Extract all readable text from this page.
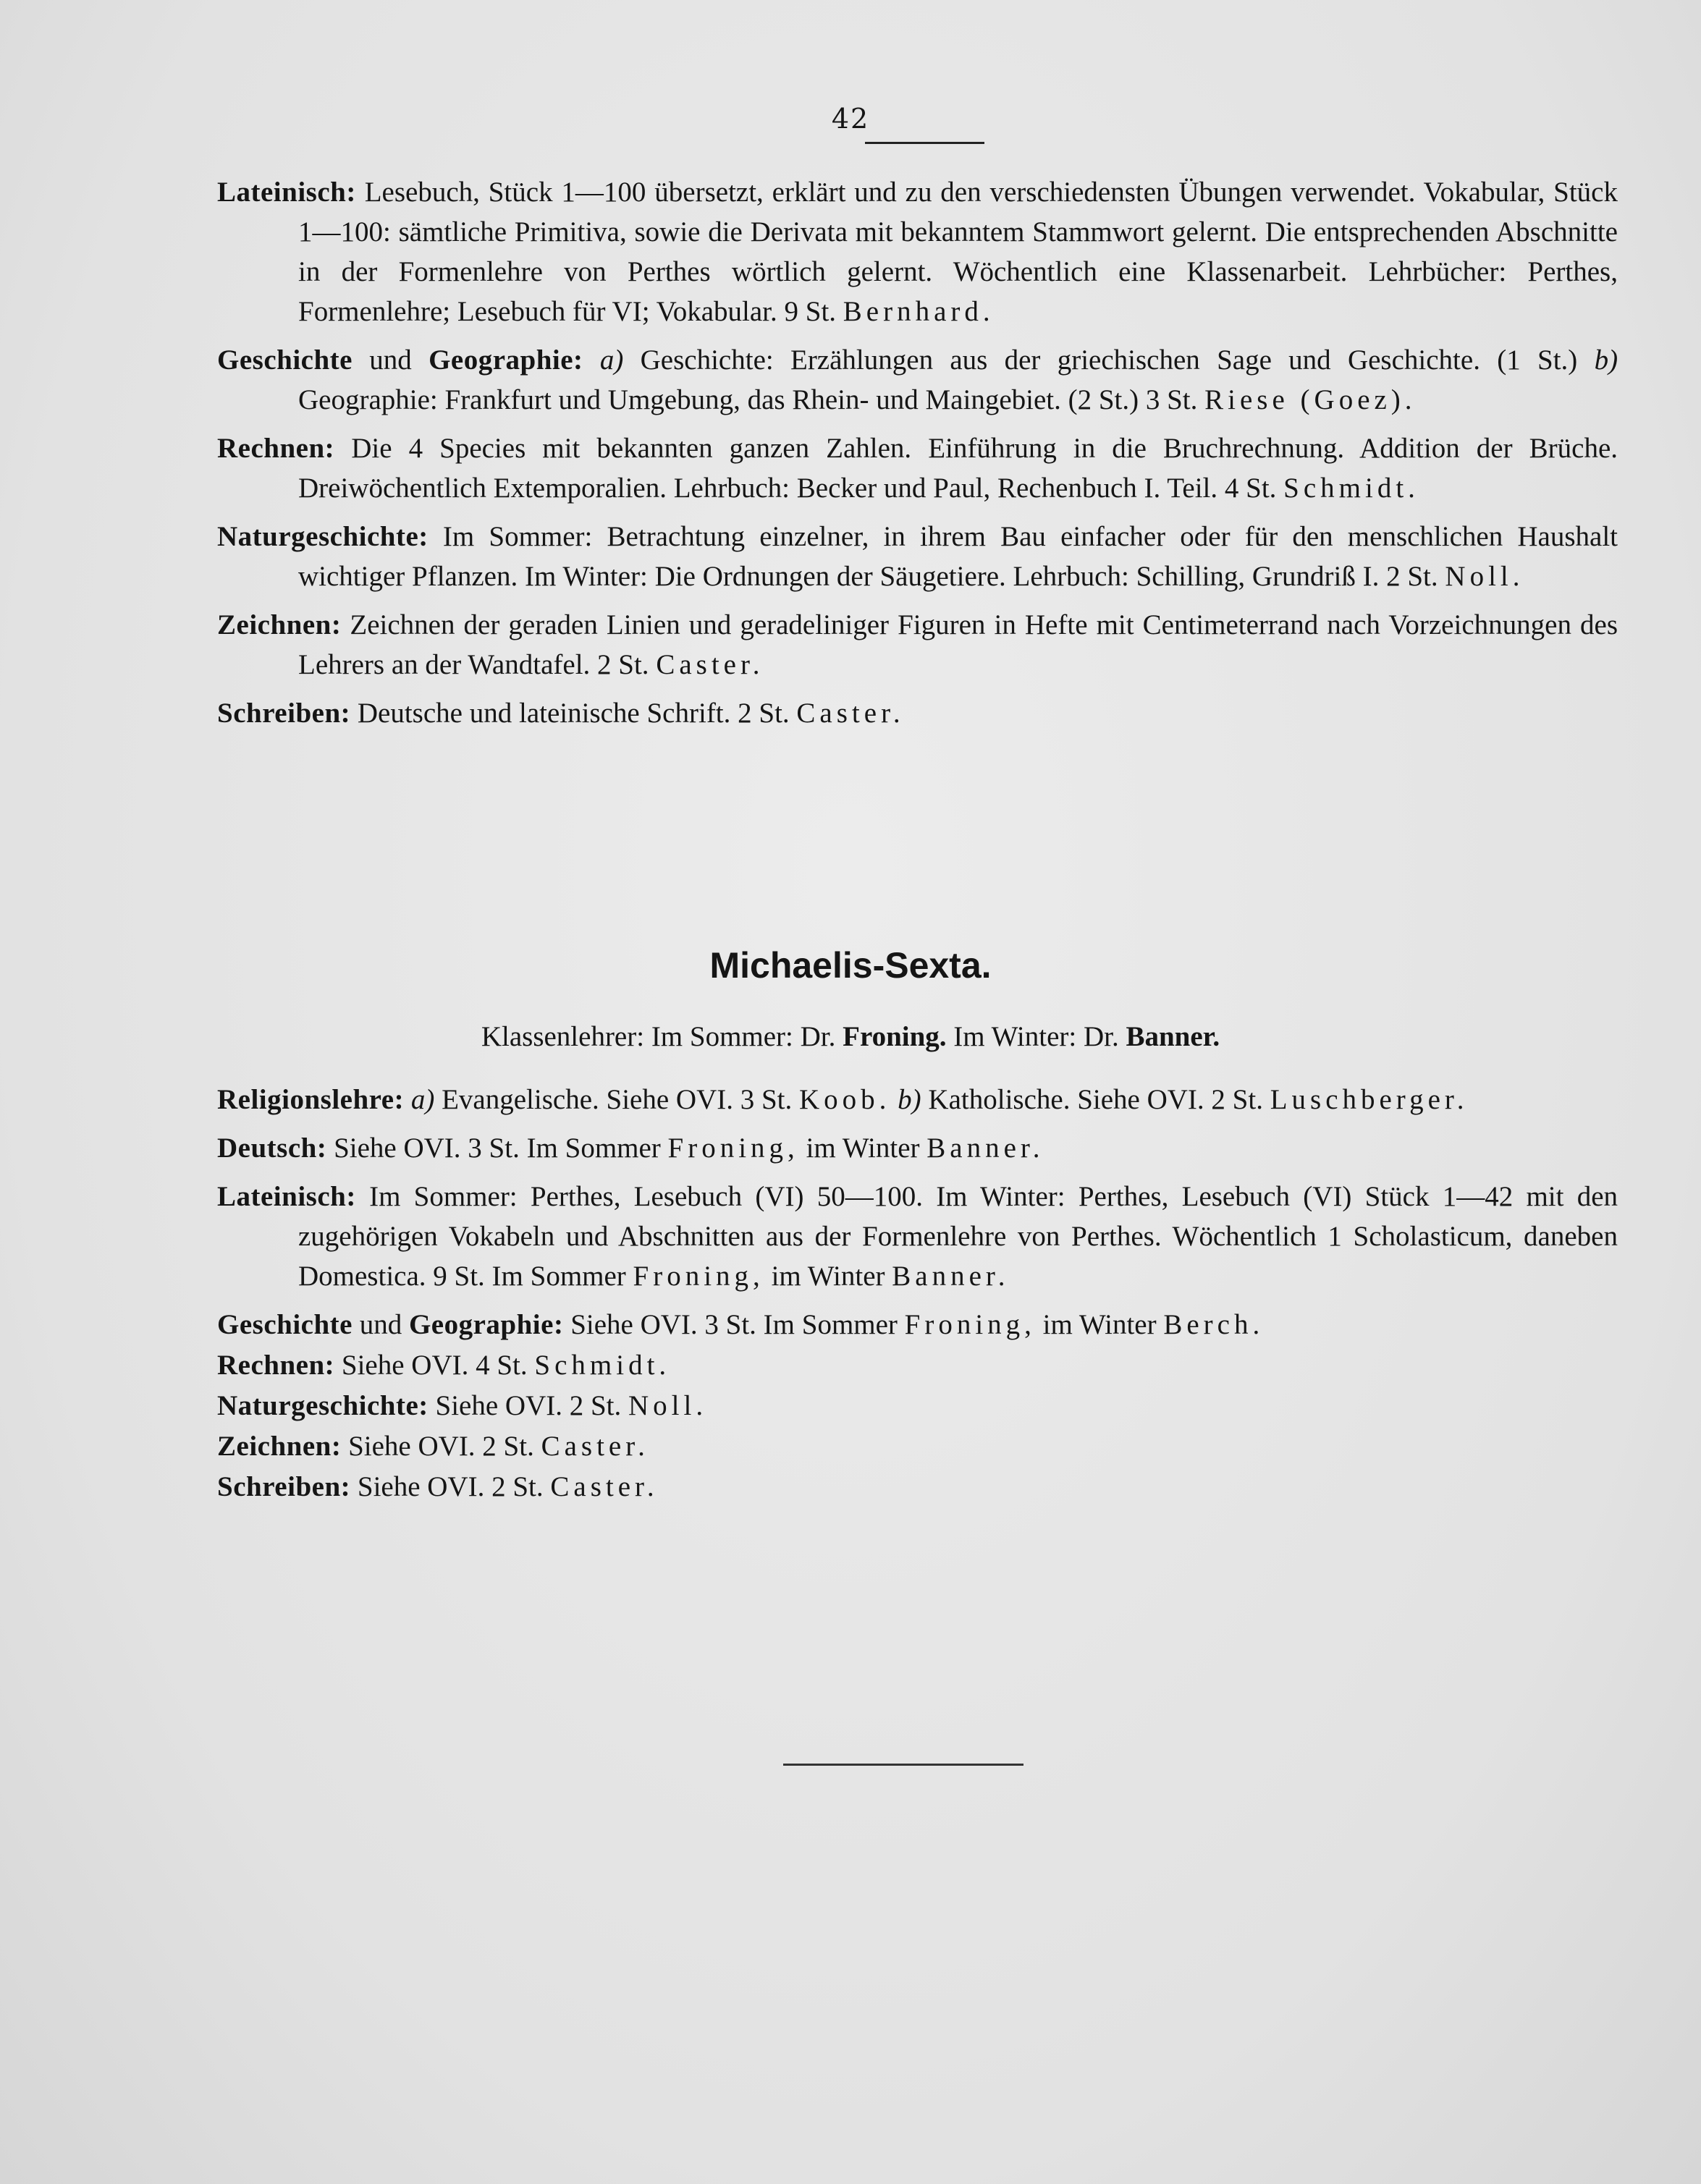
42

Lateinisch: Lesebuch, Stück 1—100 übersetzt, erklärt und zu den verschiedensten Übungen verwendet. Vokabular, Stück 1—100: sämtliche Primitiva, sowie die Derivata mit bekanntem Stammwort gelernt. Die entsprechenden Abschnitte in der Formenlehre von Perthes wörtlich gelernt. Wöchentlich eine Klassenarbeit. Lehrbücher: Perthes, Formenlehre; Lesebuch für VI; Vokabular. 9 St. Bernhard.

Geschichte und Geographie: a) Geschichte: Erzählungen aus der griechischen Sage und Geschichte. (1 St.) b) Geographie: Frankfurt und Umgebung, das Rhein- und Maingebiet. (2 St.) 3 St. Riese (Goez).

Rechnen: Die 4 Species mit bekannten ganzen Zahlen. Einführung in die Bruchrechnung. Addition der Brüche. Dreiwöchentlich Extemporalien. Lehrbuch: Becker und Paul, Rechenbuch I. Teil. 4 St. Schmidt.

Naturgeschichte: Im Sommer: Betrachtung einzelner, in ihrem Bau einfacher oder für den menschlichen Haushalt wichtiger Pflanzen. Im Winter: Die Ordnungen der Säugetiere. Lehrbuch: Schilling, Grundriß I. 2 St. Noll.

Zeichnen: Zeichnen der geraden Linien und geradeliniger Figuren in Hefte mit Centimeterrand nach Vorzeichnungen des Lehrers an der Wandtafel. 2 St. Caster.

Schreiben: Deutsche und lateinische Schrift. 2 St. Caster.

Michaelis-Sexta.
Klassenlehrer: Im Sommer: Dr. Froning. Im Winter: Dr. Banner.

Religionslehre: a) Evangelische. Siehe OVI. 3 St. Koob. b) Katholische. Siehe OVI. 2 St. Luschberger.

Deutsch: Siehe OVI. 3 St. Im Sommer Froning, im Winter Banner.

Lateinisch: Im Sommer: Perthes, Lesebuch (VI) 50—100. Im Winter: Perthes, Lesebuch (VI) Stück 1—42 mit den zugehörigen Vokabeln und Abschnitten aus der Formenlehre von Perthes. Wöchentlich 1 Scholasticum, daneben Domestica. 9 St. Im Sommer Froning, im Winter Banner.

Geschichte und Geographie: Siehe OVI. 3 St. Im Sommer Froning, im Winter Berch.

Rechnen: Siehe OVI. 4 St. Schmidt.

Naturgeschichte: Siehe OVI. 2 St. Noll.

Zeichnen: Siehe OVI. 2 St. Caster.

Schreiben: Siehe OVI. 2 St. Caster.
